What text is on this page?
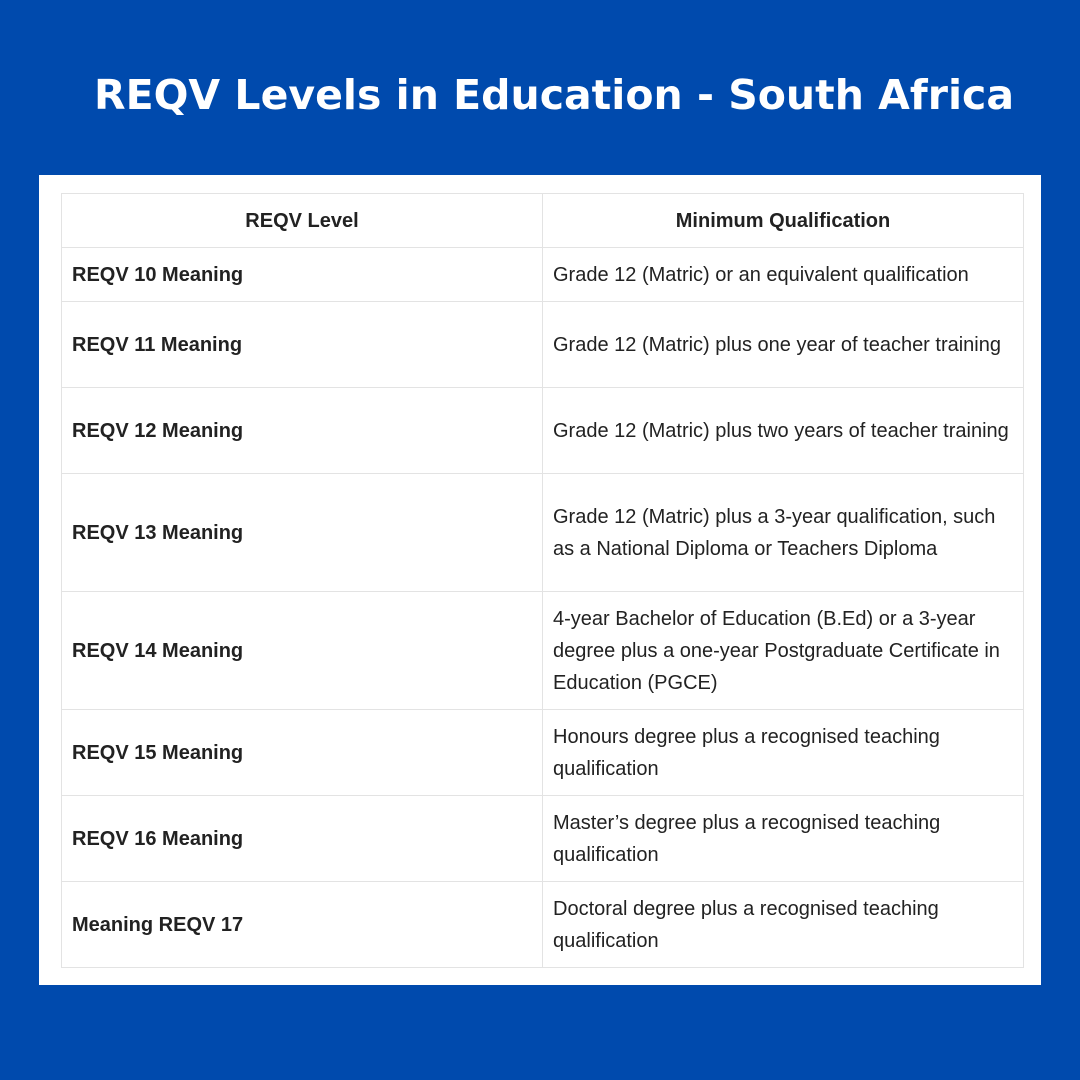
REQV Levels in Education - South Africa
REQV Level	Minimum Qualification
REQV 10 Meaning	Grade 12 (Matric) or an equivalent qualification
REQV 11 Meaning	Grade 12 (Matric) plus one year of teacher training
REQV 12 Meaning	Grade 12 (Matric) plus two years of teacher training
REQV 13 Meaning	Grade 12 (Matric) plus a 3-year qualification, such as a National Diploma or Teachers Diploma
REQV 14 Meaning	4-year Bachelor of Education (B.Ed) or a 3-year degree plus a one-year Postgraduate Certificate in Education (PGCE)
REQV 15 Meaning	Honours degree plus a recognised teaching qualification
REQV 16 Meaning	Master’s degree plus a recognised teaching qualification
Meaning REQV 17	Doctoral degree plus a recognised teaching qualification
